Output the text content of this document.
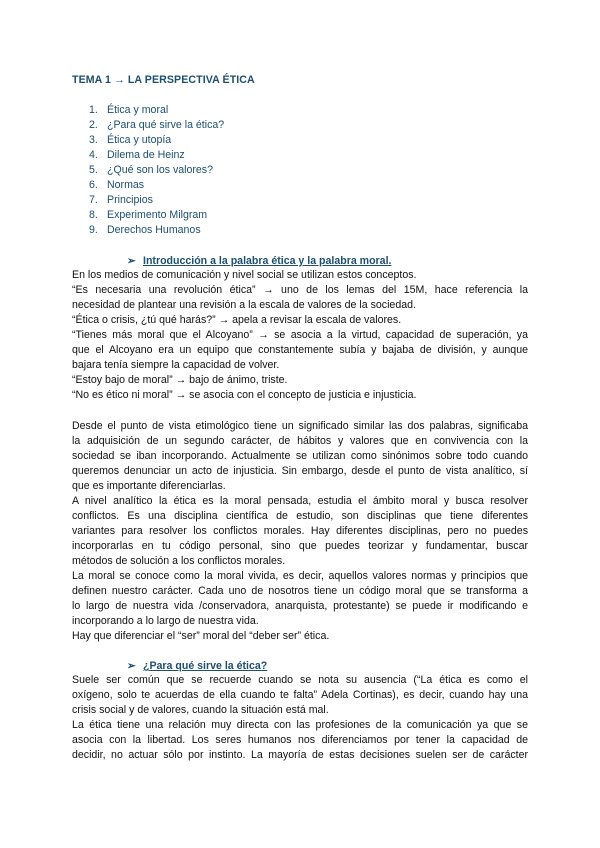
TEMA 1 → LA PERSPECTIVA ÉTICA
1. Ética y moral
2. ¿Para qué sirve la ética?
3. Ética y utopía
4. Dilema de Heinz
5. ¿Qué son los valores?
6. Normas
7. Principios
8. Experimento Milgram
9. Derechos Humanos
➢ Introducción a la palabra ética y la palabra moral.
En los medios de comunicación y nivel social se utilizan estos conceptos.
“Es necesaria una revolución ética” → uno de los lemas del 15M, hace referencia la
necesidad de plantear una revisión a la escala de valores de la sociedad.
“Ética o crisis, ¿tú qué harás?” → apela a revisar la escala de valores.
“Tienes más moral que el Alcoyano” → se asocia a la virtud, capacidad de superación, ya
que el Alcoyano era un equipo que constantemente subía y bajaba de división, y aunque
bajara tenía siempre la capacidad de volver.
“Estoy bajo de moral” → bajo de ánimo, triste.
“No es ético ni moral” → se asocia con el concepto de justicia e injusticia.
Desde el punto de vista etimológico tiene un significado similar las dos palabras, significaba
la adquisición de un segundo carácter, de hábitos y valores que en convivencia con la
sociedad se iban incorporando. Actualmente se utilizan como sinónimos sobre todo cuando
queremos denunciar un acto de injusticia. Sin embargo, desde el punto de vista analítico, sí
que es importante diferenciarlas.
A nivel analítico la ética es la moral pensada, estudia el ámbito moral y busca resolver
conflictos. Es una disciplina científica de estudio, son disciplinas que tiene diferentes
variantes para resolver los conflictos morales. Hay diferentes disciplinas, pero no puedes
incorporarlas en tu código personal, sino que puedes teorizar y fundamentar, buscar
métodos de solución a los conflictos morales.
La moral se conoce como la moral vivida, es decir, aquellos valores normas y principios que
definen nuestro carácter. Cada uno de nosotros tiene un código moral que se transforma a
lo largo de nuestra vida /conservadora, anarquista, protestante) se puede ir modificando e
incorporando a lo largo de nuestra vida.
Hay que diferenciar el “ser” moral del “deber ser” ética.
➢ ¿Para qué sirve la ética?
Suele ser común que se recuerde cuando se nota su ausencia (“La ética es como el
oxígeno, solo te acuerdas de ella cuando te falta” Adela Cortinas), es decir, cuando hay una
crisis social y de valores, cuando la situación está mal.
La ética tiene una relación muy directa con las profesiones de la comunicación ya que se
asocia con la libertad. Los seres humanos nos diferenciamos por tener la capacidad de
decidir, no actuar sólo por instinto. La mayoría de estas decisiones suelen ser de carácter
